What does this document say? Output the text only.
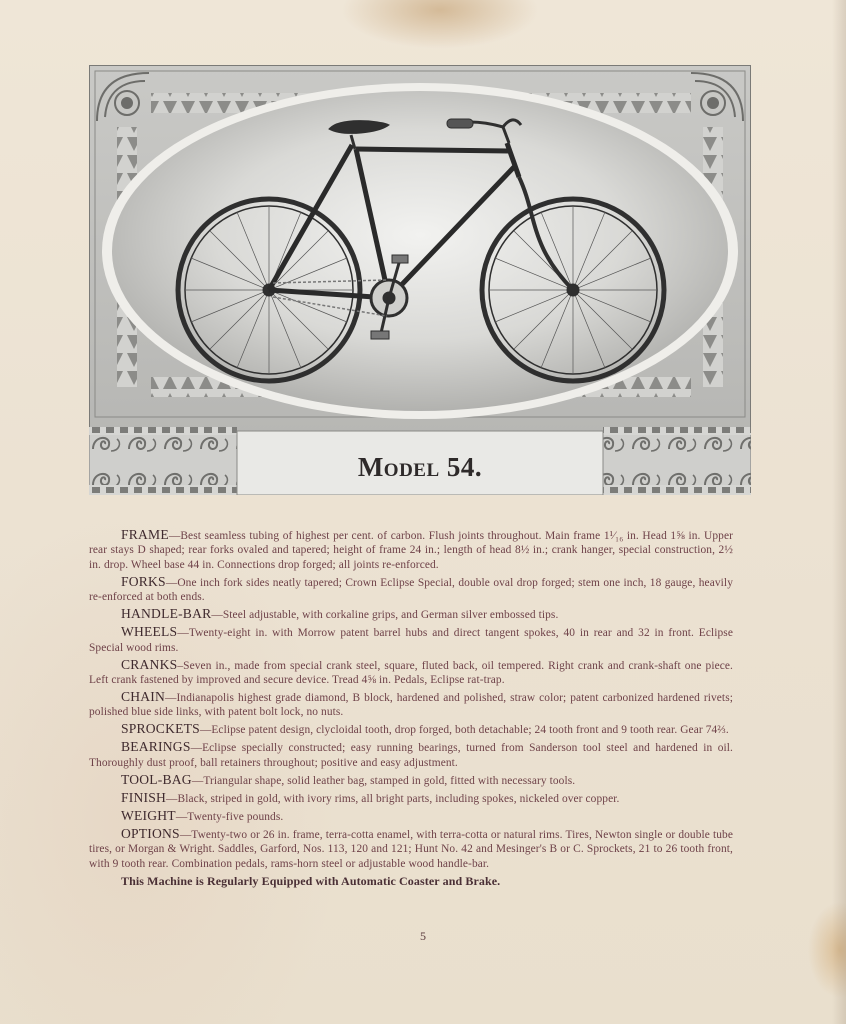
Model 54.

FRAME—Best seamless tubing of highest per cent. of carbon. Flush joints throughout. Main frame 1¹⁄₁₆ in. Head 1⅝ in. Upper rear stays D shaped; rear forks ovaled and tapered; height of frame 24 in.; length of head 8½ in.; crank hanger, special construction, 2½ in. drop. Wheel base 44 in. Connections drop forged; all joints re-enforced.

FORKS—One inch fork sides neatly tapered; Crown Eclipse Special, double oval drop forged; stem one inch, 18 gauge, heavily re-enforced at both ends.

HANDLE-BAR—Steel adjustable, with corkaline grips, and German silver embossed tips.

WHEELS—Twenty-eight in. with Morrow patent barrel hubs and direct tangent spokes, 40 in rear and 32 in front. Eclipse Special wood rims.

CRANKS–Seven in., made from special crank steel, square, fluted back, oil tempered. Right crank and crank-shaft one piece. Left crank fastened by improved and secure device. Tread 4⅝ in. Pedals, Eclipse rat-trap.

CHAIN—Indianapolis highest grade diamond, B block, hardened and polished, straw color; patent carbonized hardened rivets; polished blue side links, with patent bolt lock, no nuts.

SPROCKETS—Eclipse patent design, clycloidal tooth, drop forged, both detachable; 24 tooth front and 9 tooth rear. Gear 74⅔.

BEARINGS—Eclipse specially constructed; easy running bearings, turned from Sanderson tool steel and hardened in oil. Thoroughly dust proof, ball retainers throughout; positive and easy adjustment.

TOOL-BAG—Triangular shape, solid leather bag, stamped in gold, fitted with necessary tools.

FINISH—Black, striped in gold, with ivory rims, all bright parts, including spokes, nickeled over copper.

WEIGHT—Twenty-five pounds.

OPTIONS—Twenty-two or 26 in. frame, terra-cotta enamel, with terra-cotta or natural rims. Tires, Newton single or double tube tires, or Morgan & Wright. Saddles, Garford, Nos. 113, 120 and 121; Hunt No. 42 and Mesinger's B or C. Sprockets, 21 to 26 tooth front, with 9 tooth rear. Combination pedals, rams-horn steel or adjustable wood handle-bar.

This Machine is Regularly Equipped with Automatic Coaster and Brake.

5
